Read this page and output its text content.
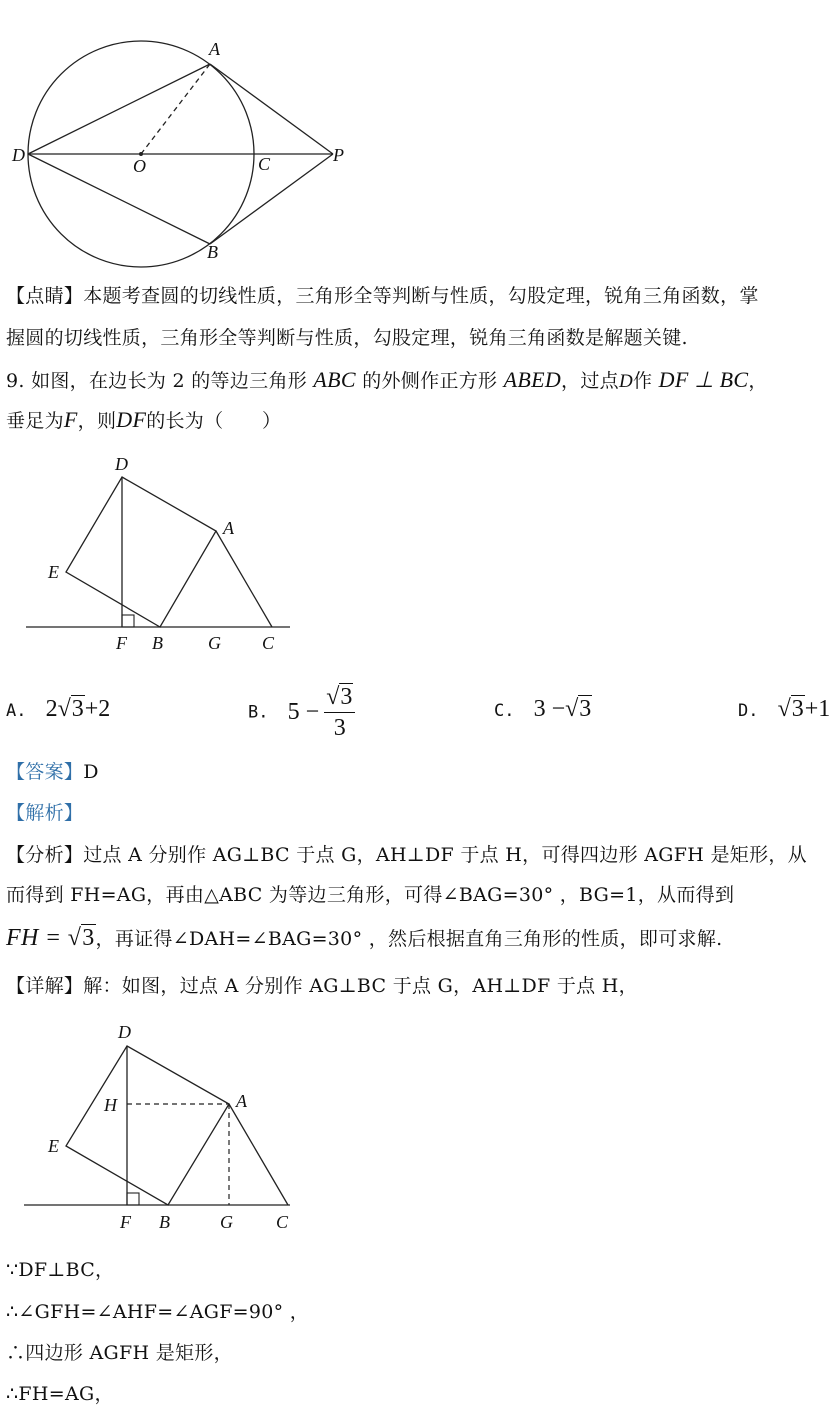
A
B
C
D
O
P
【点睛】本题考查圆的切线性质，三角形全等判断与性质，勾股定理，锐角三角函数，掌
握圆的切线性质，三角形全等判断与性质，勾股定理，锐角三角函数是解题关键.
9. 如图，在边长为 2 的等边三角形 ABC 的外侧作正方形 ABED，过点D作 DF ⊥ BC，
垂足为F，则DF的长为（　　）
D
A
E
F B	G C
A. 2√3+2	B. $5 - \frac{√3}{3}$	C. 3 −√3	D. √3+1
【答案】D
【解析】
【分析】过点 A 分别作 AG⊥BC 于点 G，AH⊥DF 于点 H，可得四边形 AGFH 是矩形，从
而得到 FH=AG，再由△ABC 为等边三角形，可得∠BAG=30° ，BG=1，从而得到
FH = √3，再证得∠DAH=∠BAG=30° ，然后根据直角三角形的性质，即可求解.
【详解】解：如图，过点 A 分别作 AG⊥BC 于点 G，AH⊥DF 于点 H，
D
H	A
E
F B	G C
∵DF⊥BC，
∴∠GFH=∠AHF=∠AGF=90° ，
∴四边形 AGFH 是矩形，
∴FH=AG，
